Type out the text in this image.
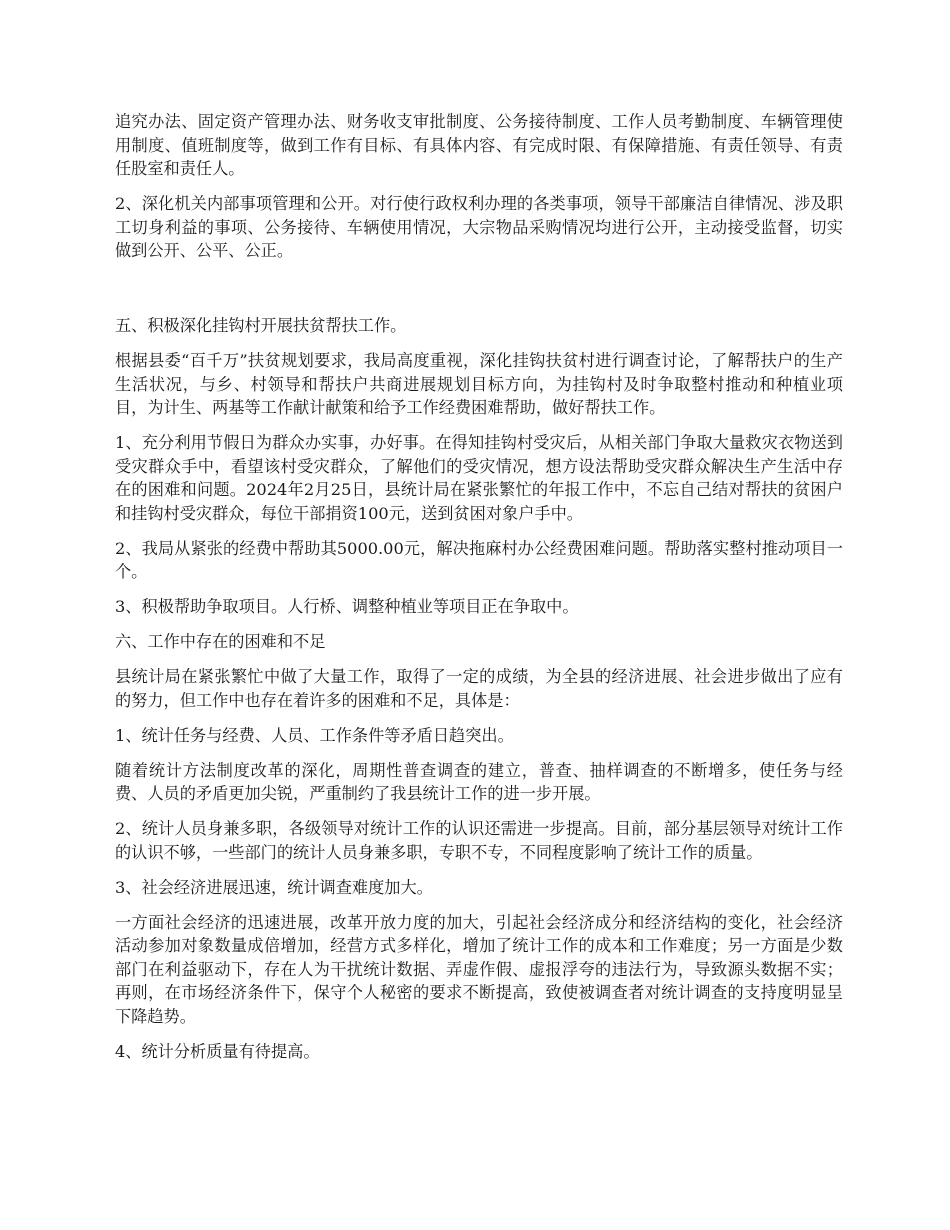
追究办法、固定资产管理办法、财务收支审批制度、公务接待制度、工作人员考勤制度、车辆管理使用制度、值班制度等，做到工作有目标、有具体内容、有完成时限、有保障措施、有责任领导、有责任股室和责任人。

2、深化机关内部事项管理和公开。对行使行政权利办理的各类事项，领导干部廉洁自律情况、涉及职工切身利益的事项、公务接待、车辆使用情况，大宗物品采购情况均进行公开，主动接受监督，切实做到公开、公平、公正。

五、积极深化挂钩村开展扶贫帮扶工作。

根据县委“百千万”扶贫规划要求，我局高度重视，深化挂钩扶贫村进行调查讨论，了解帮扶户的生产生活状况，与乡、村领导和帮扶户共商进展规划目标方向，为挂钩村及时争取整村推动和种植业项目，为计生、两基等工作献计献策和给予工作经费困难帮助，做好帮扶工作。

1、充分利用节假日为群众办实事，办好事。在得知挂钩村受灾后，从相关部门争取大量救灾衣物送到受灾群众手中，看望该村受灾群众，了解他们的受灾情况，想方设法帮助受灾群众解决生产生活中存在的困难和问题。2024年2月25日，县统计局在紧张繁忙的年报工作中，不忘自己结对帮扶的贫困户和挂钩村受灾群众，每位干部捐资100元，送到贫困对象户手中。

2、我局从紧张的经费中帮助其5000.00元，解决拖麻村办公经费困难问题。帮助落实整村推动项目一个。

3、积极帮助争取项目。人行桥、调整种植业等项目正在争取中。

六、工作中存在的困难和不足

县统计局在紧张繁忙中做了大量工作，取得了一定的成绩，为全县的经济进展、社会进步做出了应有的努力，但工作中也存在着许多的困难和不足，具体是：

1、统计任务与经费、人员、工作条件等矛盾日趋突出。

随着统计方法制度改革的深化，周期性普查调查的建立，普查、抽样调查的不断增多，使任务与经费、人员的矛盾更加尖锐，严重制约了我县统计工作的进一步开展。

2、统计人员身兼多职，各级领导对统计工作的认识还需进一步提高。目前，部分基层领导对统计工作的认识不够，一些部门的统计人员身兼多职，专职不专，不同程度影响了统计工作的质量。

3、社会经济进展迅速，统计调查难度加大。

一方面社会经济的迅速进展，改革开放力度的加大，引起社会经济成分和经济结构的变化，社会经济活动参加对象数量成倍增加，经营方式多样化，增加了统计工作的成本和工作难度；另一方面是少数部门在利益驱动下，存在人为干扰统计数据、弄虚作假、虚报浮夸的违法行为，导致源头数据不实；再则，在市场经济条件下，保守个人秘密的要求不断提高，致使被调查者对统计调查的支持度明显呈下降趋势。

4、统计分析质量有待提高。
